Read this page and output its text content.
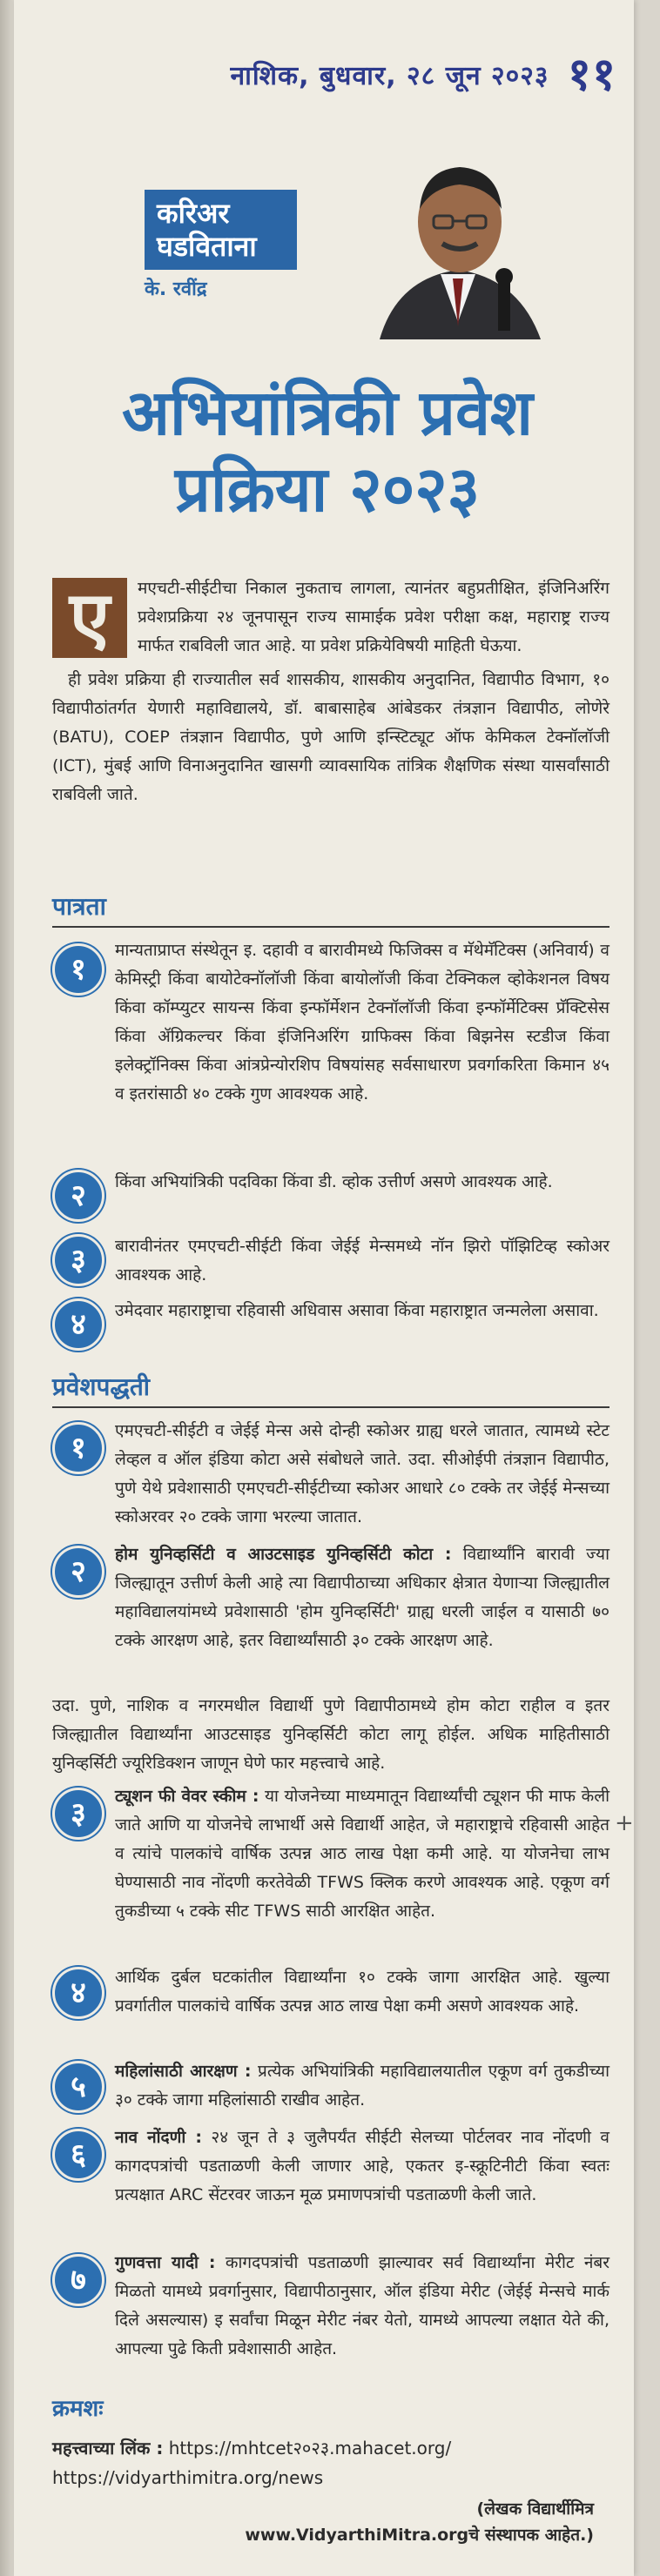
नाशिक, बुधवार, २८ जून २०२३ ११
करिअर
घडविताना
के. रवींद्र
अभियांत्रिकी प्रवेश
प्रक्रिया २०२३
ए	मएचटी-सीईटीचा निकाल नुकताच लागला, त्यानंतर बहुप्रतीक्षित, इंजिनिअरिंग प्रवेशप्रक्रिया २४ जूनपासून राज्य सामाईक प्रवेश परीक्षा कक्ष, महाराष्ट्र राज्य मार्फत राबविली जात आहे. या प्रवेश प्रक्रियेविषयी माहिती घेऊया.
ही प्रवेश प्रक्रिया ही राज्यातील सर्व शासकीय, शासकीय अनुदानित, विद्यापीठ विभाग, १० विद्यापीठांतर्गत येणारी महाविद्यालये, डॉ. बाबासाहेब आंबेडकर तंत्रज्ञान विद्यापीठ, लोणेरे (BATU), COEP तंत्रज्ञान विद्यापीठ, पुणे आणि इन्स्टिट्यूट ऑफ केमिकल टेक्नॉलॉजी (ICT), मुंबई आणि विनाअनुदानित खासगी व्यावसायिक तांत्रिक शैक्षणिक संस्था यासर्वांसाठी राबविली जाते.
पात्रता
१
मान्यताप्राप्त संस्थेतून इ. दहावी व बारावीमध्ये फिजिक्स व मॅथेमॅटिक्स (अनिवार्य) व केमिस्ट्री किंवा बायोटेक्नॉलॉजी किंवा बायोलॉजी किंवा टेक्निकल व्होकेशनल विषय किंवा कॉम्प्युटर सायन्स किंवा इन्फॉर्मेशन टेक्नॉलॉजी किंवा इन्फॉर्मेटिक्स प्रॅक्टिसेस किंवा ॲग्रिकल्चर किंवा इंजिनिअरिंग ग्राफिक्स किंवा बिझनेस स्टडीज किंवा इलेक्ट्रॉनिक्स किंवा आंत्रप्रेन्योरशिप विषयांसह सर्वसाधारण प्रवर्गाकरिता किमान ४५ व इतरांसाठी ४० टक्के गुण आवश्यक आहे.
२	किंवा अभियांत्रिकी पदविका किंवा डी. व्होक उत्तीर्ण असणे आवश्यक आहे.
३	बारावीनंतर एमएचटी-सीईटी किंवा जेईई मेन्समध्ये नॉन झिरो पॉझिटिव्ह स्कोअर आवश्यक आहे.
४	उमेदवार महाराष्ट्राचा रहिवासी अधिवास असावा किंवा महाराष्ट्रात जन्मलेला असावा.
प्रवेशपद्धती
१	एमएचटी-सीईटी व जेईई मेन्स असे दोन्ही स्कोअर ग्राह्य धरले जातात, त्यामध्ये स्टेट लेव्हल व ऑल इंडिया कोटा असे संबोधले जाते. उदा. सीओईपी तंत्रज्ञान विद्यापीठ, पुणे येथे प्रवेशासाठी एमएचटी-सीईटीच्या स्कोअर आधारे ८० टक्के तर जेईई मेन्सच्या स्कोअरवर २० टक्के जागा भरल्या जातात.
२	होम युनिव्हर्सिटी व आउटसाइड युनिव्हर्सिटी कोटा : विद्यार्थ्यांनि बारावी ज्या जिल्ह्यातून उत्तीर्ण केली आहे त्या विद्यापीठाच्या अधिकार क्षेत्रात येणाऱ्या जिल्ह्यातील महाविद्यालयांमध्ये प्रवेशासाठी 'होम युनिव्हर्सिटी' ग्राह्य धरली जाईल व यासाठी ७० टक्के आरक्षण आहे, इतर विद्यार्थ्यांसाठी ३० टक्के आरक्षण आहे.
उदा. पुणे, नाशिक व नगरमधील विद्यार्थी पुणे विद्यापीठामध्ये होम कोटा राहील व इतर जिल्ह्यातील विद्यार्थ्यांना आउटसाइड युनिव्हर्सिटी कोटा लागू होईल. अधिक माहितीसाठी युनिव्हर्सिटी ज्यूरिडिक्शन जाणून घेणे फार महत्त्वाचे आहे.
३	ट्यूशन फी वेवर स्कीम : या योजनेच्या माध्यमातून विद्यार्थ्यांची ट्यूशन फी माफ केली जाते आणि या योजनेचे लाभार्थी असे विद्यार्थी आहेत, जे महाराष्ट्राचे रहिवासी आहेत व त्यांचे पालकांचे वार्षिक उत्पन्न आठ लाख पेक्षा कमी आहे. या योजनेचा लाभ घेण्यासाठी नाव नोंदणी करतेवेळी TFWS क्लिक करणे आवश्यक आहे. एकूण वर्ग तुकडीच्या ५ टक्के सीट TFWS साठी आरक्षित आहेत.
४	आर्थिक दुर्बल घटकांतील विद्यार्थ्यांना १० टक्के जागा आरक्षित आहे. खुल्या प्रवर्गातील पालकांचे वार्षिक उत्पन्न आठ लाख पेक्षा कमी असणे आवश्यक आहे.
५	महिलांसाठी आरक्षण : प्रत्येक अभियांत्रिकी महाविद्यालयातील एकूण वर्ग तुकडीच्या ३० टक्के जागा महिलांसाठी राखीव आहेत.
६	नाव नोंदणी : २४ जून ते ३ जुलैपर्यंत सीईटी सेलच्या पोर्टलवर नाव नोंदणी व कागदपत्रांची पडताळणी केली जाणार आहे, एकतर इ-स्क्रूटिनीटी किंवा स्वतः प्रत्यक्षात ARC सेंटरवर जाऊन मूळ प्रमाणपत्रांची पडताळणी केली जाते.
७	गुणवत्ता यादी : कागदपत्रांची पडताळणी झाल्यावर सर्व विद्यार्थ्यांना मेरीट नंबर मिळतो यामध्ये प्रवर्गानुसार, विद्यापीठानुसार, ऑल इंडिया मेरीट (जेईई मेन्सचे मार्क दिले असल्यास) इ सर्वांचा मिळून मेरीट नंबर येतो, यामध्ये आपल्या लक्षात येते की, आपल्या पुढे किती प्रवेशासाठी आहेत.
क्रमशः
महत्त्वाच्या लिंक : https://mhtcet२०२३.mahacet.org/
https://vidyarthimitra.org/news
(लेखक विद्यार्थीमित्र
www.VidyarthiMitra.orgचे संस्थापक आहेत.)
+
